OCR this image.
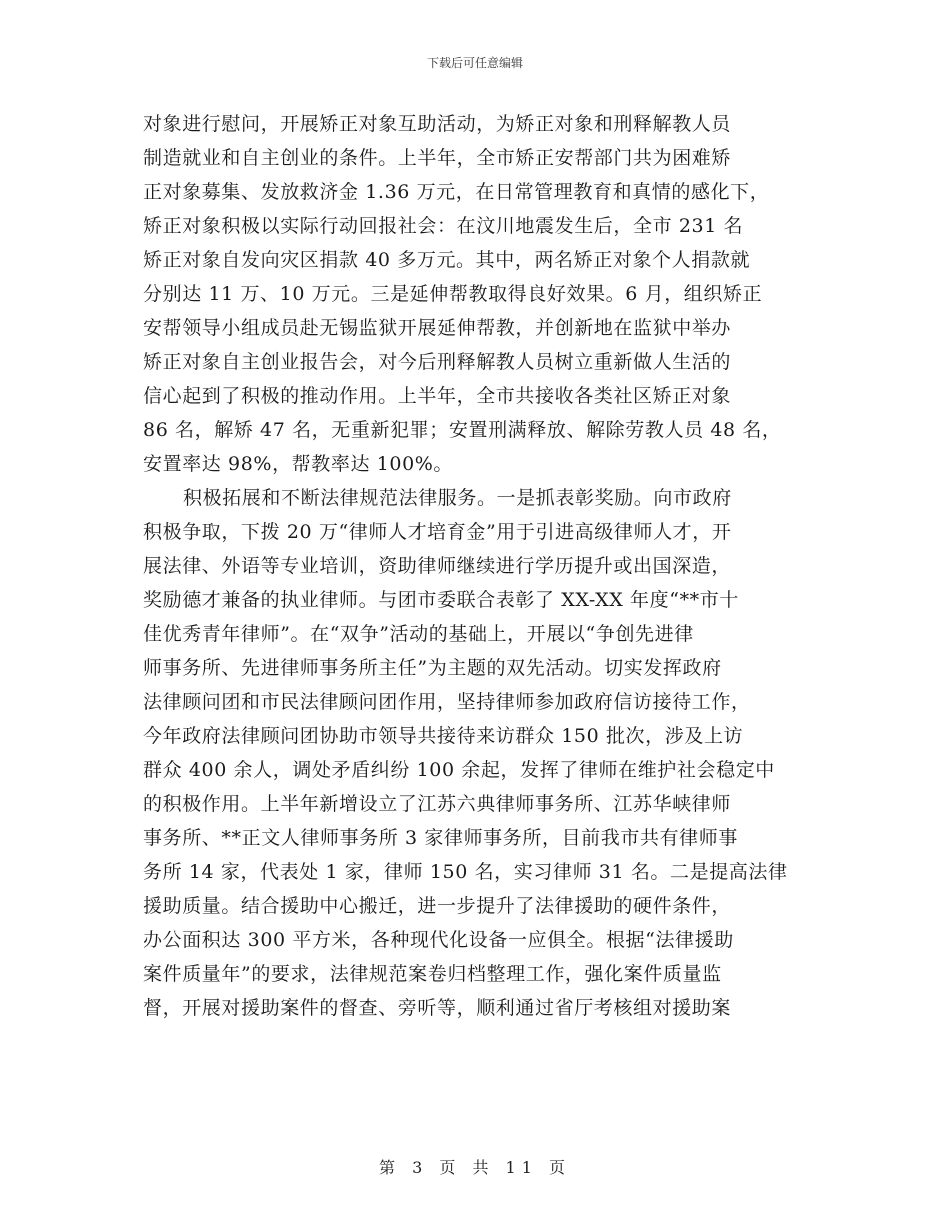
下载后可任意编辑

对象进行慰问，开展矫正对象互助活动，为矫正对象和刑释解教人员
制造就业和自主创业的条件。上半年，全市矫正安帮部门共为困难矫
正对象募集、发放救济金 1.36 万元，在日常管理教育和真情的感化下，
矫正对象积极以实际行动回报社会：在汶川地震发生后，全市 231 名
矫正对象自发向灾区捐款 40 多万元。其中，两名矫正对象个人捐款就
分别达 11 万、10 万元。三是延伸帮教取得良好效果。6 月，组织矫正
安帮领导小组成员赴无锡监狱开展延伸帮教，并创新地在监狱中举办
矫正对象自主创业报告会，对今后刑释解教人员树立重新做人生活的
信心起到了积极的推动作用。上半年，全市共接收各类社区矫正对象
86 名，解矫 47 名，无重新犯罪；安置刑满释放、解除劳教人员 48 名，
安置率达 98%，帮教率达 100%。

积极拓展和不断法律规范法律服务。一是抓表彰奖励。向市政府
积极争取，下拨 20 万“律师人才培育金”用于引进高级律师人才，开
展法律、外语等专业培训，资助律师继续进行学历提升或出国深造，
奖励德才兼备的执业律师。与团市委联合表彰了 XX-XX 年度“**市十
佳优秀青年律师”。在“双争”活动的基础上，开展以“争创先进律
师事务所、先进律师事务所主任”为主题的双先活动。切实发挥政府
法律顾问团和市民法律顾问团作用，坚持律师参加政府信访接待工作，
今年政府法律顾问团协助市领导共接待来访群众 150 批次，涉及上访
群众 400 余人，调处矛盾纠纷 100 余起，发挥了律师在维护社会稳定中
的积极作用。上半年新增设立了江苏六典律师事务所、江苏华峡律师
事务所、**正文人律师事务所 3 家律师事务所，目前我市共有律师事
务所 14 家，代表处 1 家，律师 150 名，实习律师 31 名。二是提高法律
援助质量。结合援助中心搬迁，进一步提升了法律援助的硬件条件，
办公面积达 300 平方米，各种现代化设备一应俱全。根据“法律援助
案件质量年”的要求，法律规范案卷归档整理工作，强化案件质量监
督，开展对援助案件的督查、旁听等，顺利通过省厅考核组对援助案

第 3 页 共 11 页
